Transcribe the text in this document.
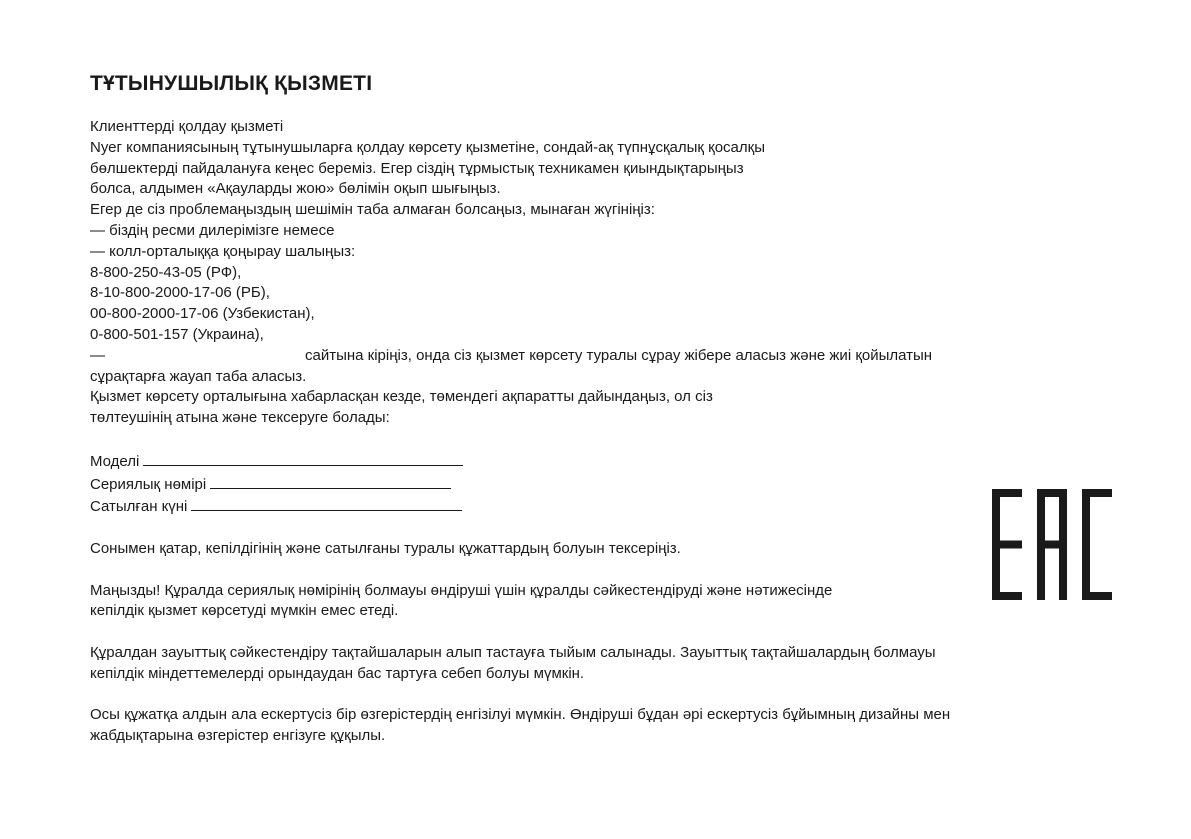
ТҰТЫНУШЫЛЫҚ ҚЫЗМЕТІ
Клиенттерді қолдау қызметі
Nуег компаниясының тұтынушыларға қолдау көрсету қызметіне, сондай-ақ түпнұсқалық қосалқы
бөлшектерді пайдалануға кеңес береміз. Егер сіздің тұрмыстық техникамен қиындықтарыңыз
болса, алдымен «Ақауларды жою» бөлімін оқып шығыңыз.
Егер де сіз проблемаңыздың шешімін таба алмаған болсаңыз, мынаған жүгініңіз:
— біздің ресми дилерімізге немесе
— колл-орталыққа қоңырау шалыңыз:
8-800-250-43-05 (РФ),
8-10-800-2000-17-06 (РБ),
00-800-2000-17-06 (Узбекистан),
0-800-501-157 (Украина),
—	сайтына кіріңіз, онда сіз қызмет көрсету туралы сұрау жібере аласыз және жиі қойылатын
сұрақтарға жауап таба аласыз.
Қызмет көрсету орталығына хабарласқан кезде, төмендегі ақпаратты дайындаңыз, ол сіз
төлтеушінің атына және тексеруге болады:
Моделі
Сериялық нөмірі
Сатылған күні
Сонымен қатар, кепілдігінің және сатылғаны туралы құжаттардың болуын тексеріңіз.
Маңызды! Құралда сериялық нөмірінің болмауы өндіруші үшін құралды сәйкестендіруді және нәтижесінде
кепілдік қызмет көрсетуді мүмкін емес етеді.
Құралдан зауыттық сәйкестендіру тақтайшаларын алып тастауға тыйым салынады. Зауыттық тақтайшалардың болмауы
кепілдік міндеттемелерді орындаудан бас тартуға себеп болуы мүмкін.
Осы құжатқа алдын ала ескертусіз бір өзгерістердің енгізілуі мүмкін. Өндіруші бұдан әрі ескертусіз бұйымның дизайны мен
жабдықтарына өзгерістер енгізуге құқылы.
